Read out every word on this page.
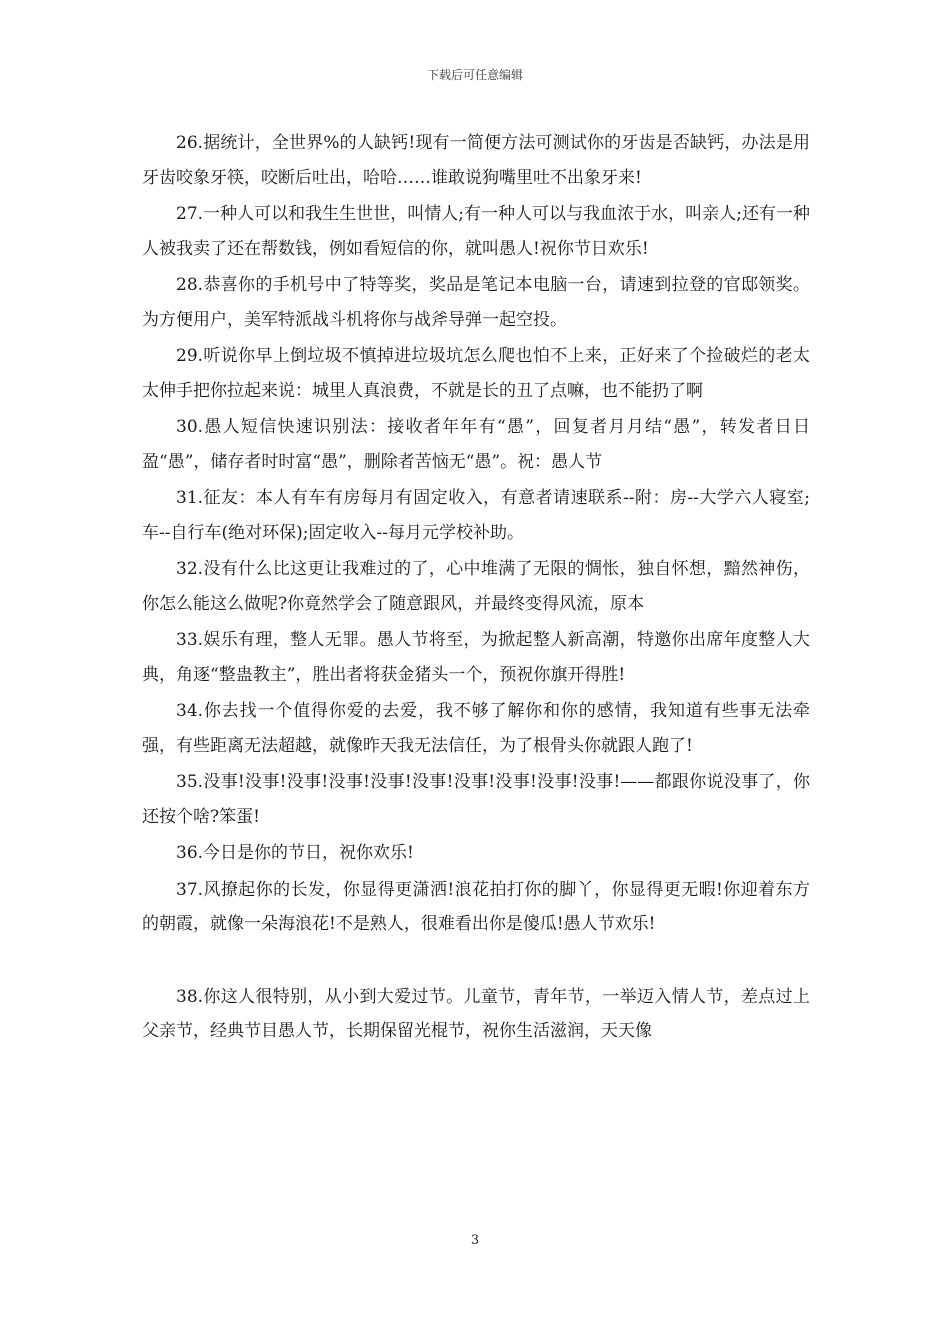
下载后可任意编辑

26.据统计，全世界%的人缺钙!现有一简便方法可测试你的牙齿是否缺钙，办法是用牙齿咬象牙筷，咬断后吐出，哈哈……谁敢说狗嘴里吐不出象牙来!

27.一种人可以和我生生世世，叫情人;有一种人可以与我血浓于水，叫亲人;还有一种人被我卖了还在帮数钱，例如看短信的你，就叫愚人!祝你节日欢乐!

28.恭喜你的手机号中了特等奖，奖品是笔记本电脑一台，请速到拉登的官邸领奖。为方便用户，美军特派战斗机将你与战斧导弹一起空投。

29.听说你早上倒垃圾不慎掉进垃圾坑怎么爬也怕不上来，正好来了个捡破烂的老太太伸手把你拉起来说：城里人真浪费，不就是长的丑了点嘛，也不能扔了啊

30.愚人短信快速识别法：接收者年年有“愚”，回复者月月结“愚”，转发者日日盈“愚”，储存者时时富“愚”，删除者苦恼无“愚”。祝：愚人节

31.征友：本人有车有房每月有固定收入，有意者请速联系--附：房--大学六人寝室;车--自行车(绝对环保);固定收入--每月元学校补助。

32.没有什么比这更让我难过的了，心中堆满了无限的惆怅，独自怀想，黯然神伤，你怎么能这么做呢?你竟然学会了随意跟风，并最终变得风流，原本

33.娱乐有理，整人无罪。愚人节将至，为掀起整人新高潮，特邀你出席年度整人大典，角逐“整蛊教主”，胜出者将获金猪头一个，预祝你旗开得胜!

34.你去找一个值得你爱的去爱，我不够了解你和你的感情，我知道有些事无法牵强，有些距离无法超越，就像昨天我无法信任，为了根骨头你就跟人跑了!

35.没事!没事!没事!没事!没事!没事!没事!没事!没事!没事!——都跟你说没事了，你还按个啥?笨蛋!

36.今日是你的节日，祝你欢乐!

37.风撩起你的长发，你显得更潇洒!浪花拍打你的脚丫，你显得更无暇!你迎着东方的朝霞，就像一朵海浪花!不是熟人，很难看出你是傻瓜!愚人节欢乐!

38.你这人很特别，从小到大爱过节。儿童节，青年节，一举迈入情人节，差点过上父亲节，经典节目愚人节，长期保留光棍节，祝你生活滋润，天天像

3
